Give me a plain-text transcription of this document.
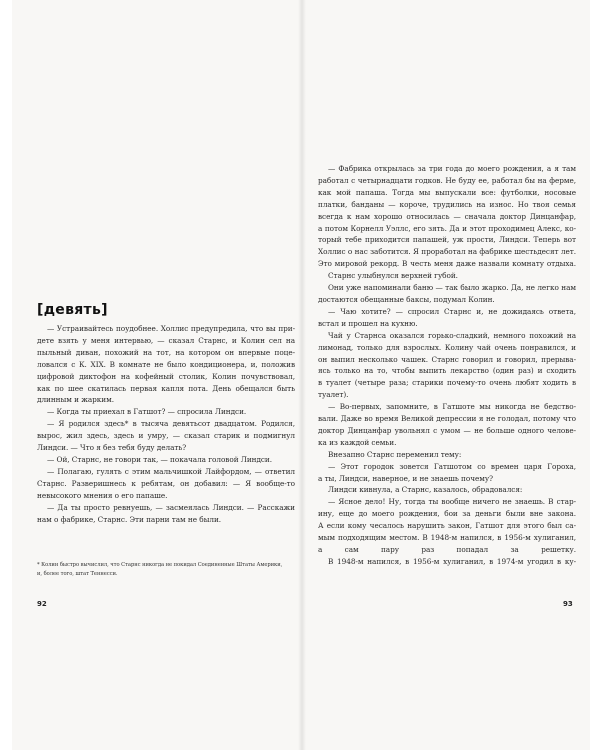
[девять]
— Устраивайтесь поудобнее. Холлис предупредила, что вы при-
дете взять у меня интервью, — сказал Старнс, и Колин сел на
пыльный диван, похожий на тот, на котором он впервые поце-
ловался с К. XIX. В комнате не было кондиционера, и, положив
цифровой диктофон на кофейный столик, Колин почувствовал,
как по шее скатилась первая капля пота. День обещался быть
длинным и жарким.
— Когда ты приехал в Гатшот? — спросила Линдси.
— Я родился здесь* в тысяча девятьсот двадцатом. Родился,
вырос, жил здесь, здесь и умру, — сказал старик и подмигнул
Линдси. — Что я без тебя буду делать?
— Ой, Старнс, не говори так, — покачала головой Линдси.
— Полагаю, гулять с этим мальчишкой Лайфордом, — ответил
Старнс. Разверишнесь к ребятам, он добавил: — Я вообще-то
невысокого мнения о его папаше.
— Да ты просто ревнуешь, — засмеялась Линдси. — Расскажи
нам о фабрике, Старнс. Эти парни там не были.
* Колин быстро вычислил, что Старнс никогда не покидал Соединенные Штаты Америки,
и, более того, штат Теннесси.
92
— Фабрика открылась за три года до моего рождения, а я там
работал с четырнадцати годков. Не буду ее, работал бы на ферме,
как мой папаша. Тогда мы выпускали все: футболки, носовые
платки, банданы — короче, трудились на износ. Но твоя семья
всегда к нам хорошо относилась — сначала доктор Динцанфар,
а потом Корнелл Уэллс, его зять. Да и этот проходимец Алекс, ко-
торый тебе приходится папашей, уж прости, Линдси. Теперь вот
Холлис о нас заботится. Я проработал на фабрике шестьдесят лет.
Это мировой рекорд. В честь меня даже назвали комнату отдыха.
Старнс улыбнулся верхней губой.
Они уже напоминали баню — так было жарко. Да, не легко нам
достаются обещанные баксы, подумал Колин.
— Чаю хотите? — спросил Старнс и, не дожидаясь ответа,
встал и прошел на кухню.
Чай у Старнса оказался горько-сладкий, немного похожий на
лимонад, только для взрослых. Колину чай очень понравился, и
он выпил несколько чашек. Старнс говорил и говорил, прерыва-
ясь только на то, чтобы выпить лекарство (один раз) и сходить
в туалет (четыре раза; старики почему-то очень любят ходить в
туалет).
— Во-первых, запомните, в Гатшоте мы никогда не бедство-
вали. Даже во время Великой депрессии я не голодал, потому что
доктор Динцанфар увольнял с умом — не больше одного челове-
ка из каждой семьи.
Внезапно Старнс переменил тему:
— Этот городок зовется Гатшотом со времен царя Гороха,
а ты, Линдси, наверное, и не знаешь почему?
Линдси кивнула, а Старнс, казалось, обрадовался:
— Ясное дело! Ну, тогда ты вообще ничего не знаешь. В стар-
ину, еще до моего рождения, бои за деньги были вне закона.
А если кому чесалось нарушить закон, Гатшот для этого был са-
мым подходящим местом. В 1948-м напился, в 1956-м хулиганил,
а сам пару раз попадал за решетку.
В 1948-м напился, в 1956-м хулиганил, в 1974-м угодил в ку-
93
